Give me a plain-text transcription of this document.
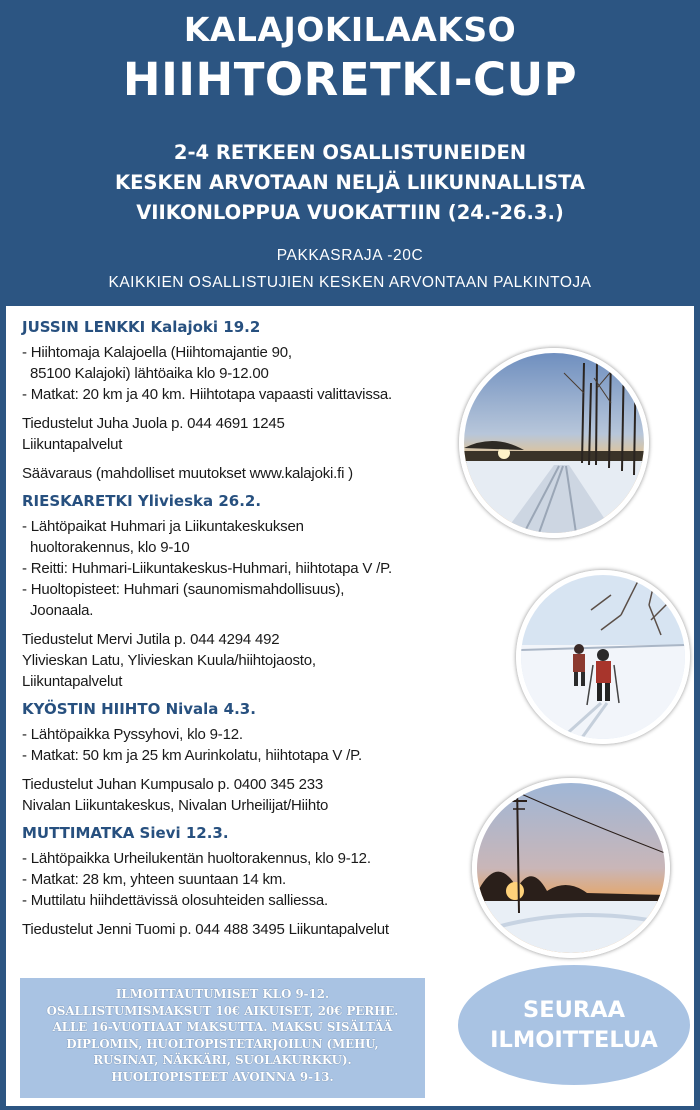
KALAJOKILAAKSO
HIIHTORETKI-CUP
2-4 RETKEEN OSALLISTUNEIDEN
KESKEN ARVOTAAN NELJÄ LIIKUNNALLISTA
VIIKONLOPPUA VUOKATTIIN (24.-26.3.)
PAKKASRAJA -20C
KAIKKIEN OSALLISTUJIEN KESKEN ARVONTAAN PALKINTOJA
JUSSIN LENKKI Kalajoki 19.2
- Hiihtomaja Kalajoella (Hiihtomajantie 90,
85100 Kalajoki) lähtöaika klo 9-12.00
- Matkat: 20 km ja 40 km. Hiihtotapa vapaasti valittavissa.
Tiedustelut Juha Juola p. 044 4691 1245
Liikuntapalvelut
Säävaraus (mahdolliset muutokset www.kalajoki.fi )
RIESKARETKI Ylivieska 26.2.
- Lähtöpaikat Huhmari ja Liikuntakeskuksen
huoltorakennus, klo 9-10
- Reitti: Huhmari-Liikuntakeskus-Huhmari, hiihtotapa V /P.
- Huoltopisteet: Huhmari (saunomismahdollisuus),
Joonaala.
Tiedustelut Mervi Jutila p. 044 4294 492
Ylivieskan Latu, Ylivieskan Kuula/hiihtojaosto,
Liikuntapalvelut
KYÖSTIN HIIHTO Nivala 4.3.
- Lähtöpaikka Pyssyhovi, klo 9-12.
- Matkat: 50 km ja 25 km Aurinkolatu, hiihtotapa V /P.
Tiedustelut Juhan Kumpusalo p. 0400 345 233
Nivalan Liikuntakeskus, Nivalan Urheilijat/Hiihto
MUTTIMATKA Sievi 12.3.
- Lähtöpaikka Urheilukentän huoltorakennus, klo 9-12.
- Matkat: 28 km, yhteen suuntaan 14 km.
- Muttilatu hiihdettävissä olosuhteiden salliessa.
Tiedustelut Jenni Tuomi p. 044 488 3495 Liikuntapalvelut
ILMOITTAUTUMISET KLO 9-12.
OSALLISTUMISMAKSUT 10€ AIKUISET, 20€ PERHE.
ALLE 16-VUOTIAAT MAKSUTTA. MAKSU SISÄLTÄÄ
DIPLOMIN, HUOLTOPISTETARJOILUN (MEHU,
RUSINAT, NÄKKÄRI, SUOLAKURKKU).
HUOLTOPISTEET AVOINNA 9-13.
SEURAA
ILMOITTELUA
